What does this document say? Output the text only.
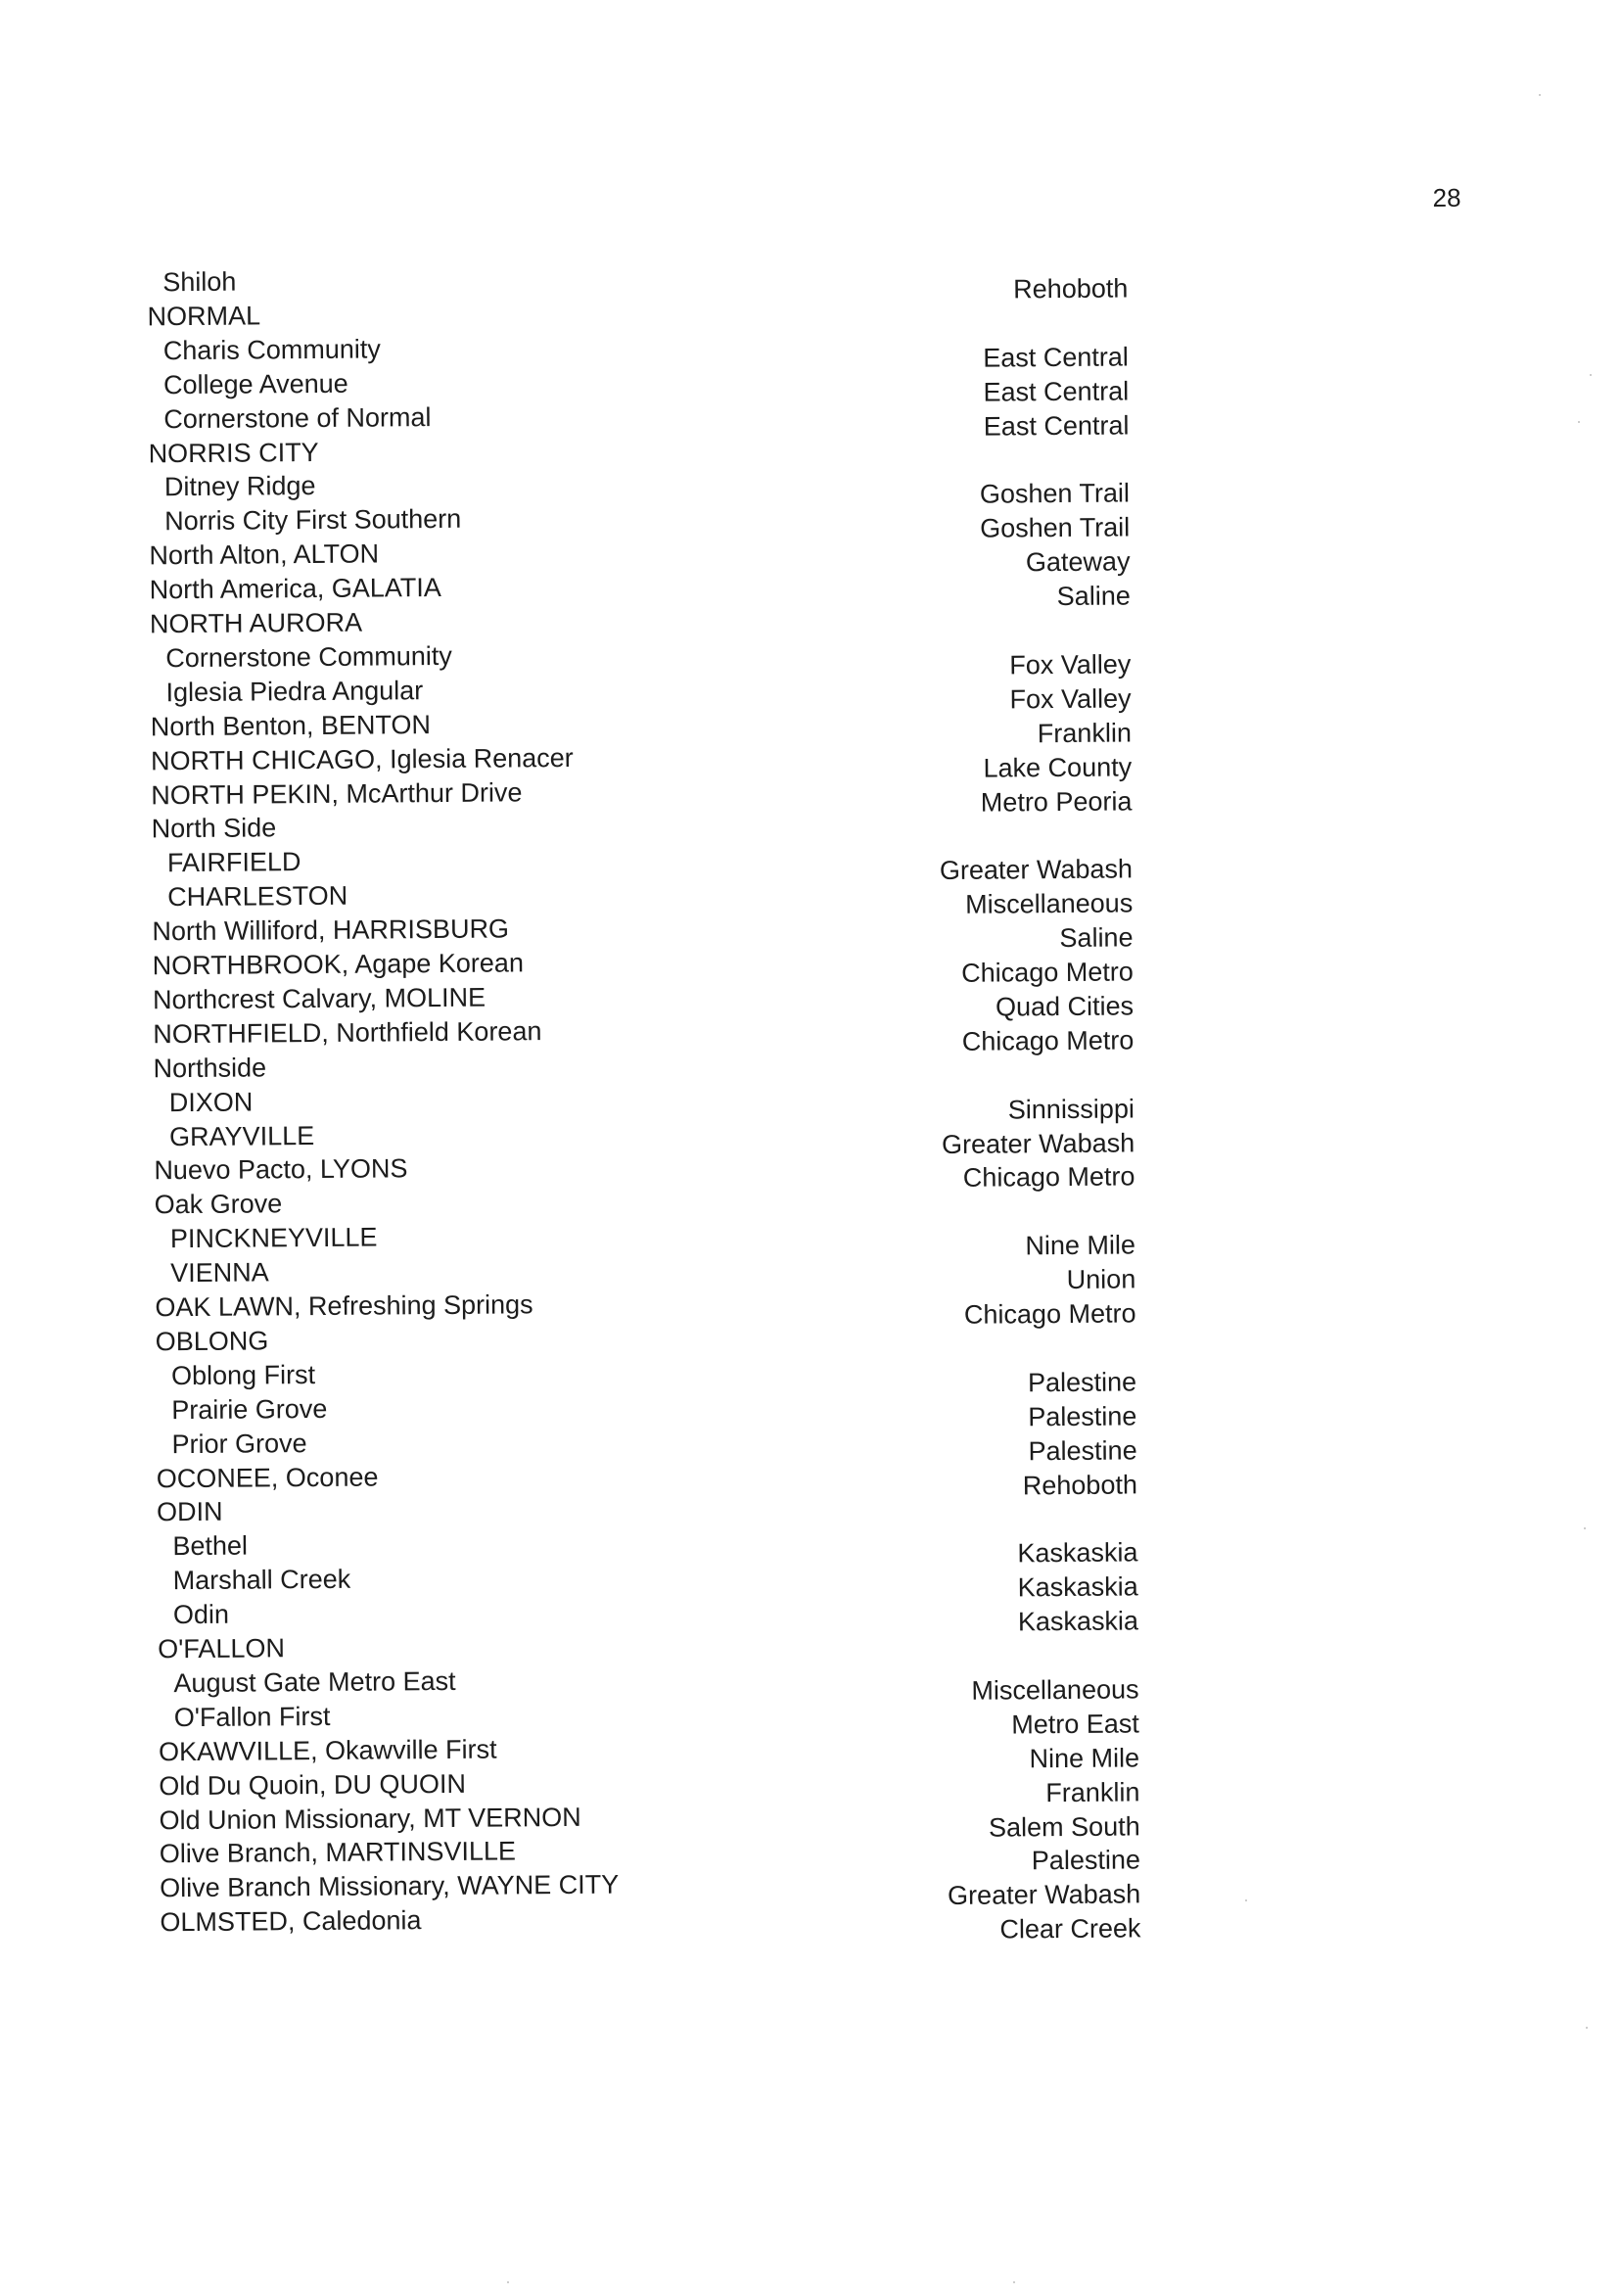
28
Shiloh
NORMAL
Charis Community
College Avenue
Cornerstone of Normal
NORRIS CITY
Ditney Ridge
Norris City First Southern
North Alton, ALTON
North America, GALATIA
NORTH AURORA
Cornerstone Community
Iglesia Piedra Angular
North Benton, BENTON
NORTH CHICAGO, Iglesia Renacer
NORTH PEKIN, McArthur Drive
North Side
FAIRFIELD
CHARLESTON
North Williford, HARRISBURG
NORTHBROOK, Agape Korean
Northcrest Calvary, MOLINE
NORTHFIELD, Northfield Korean
Northside
DIXON
GRAYVILLE
Nuevo Pacto, LYONS
Oak Grove
PINCKNEYVILLE
VIENNA
OAK LAWN, Refreshing Springs
OBLONG
Oblong First
Prairie Grove
Prior Grove
OCONEE, Oconee
ODIN
Bethel
Marshall Creek
Odin
O'FALLON
August Gate Metro East
O'Fallon First
OKAWVILLE, Okawville First
Old Du Quoin, DU QUOIN
Old Union Missionary, MT VERNON
Olive Branch, MARTINSVILLE
Olive Branch Missionary, WAYNE CITY
OLMSTED, Caledonia
Rehoboth
East Central
East Central
East Central
Goshen Trail
Goshen Trail
Gateway
Saline
Fox Valley
Fox Valley
Franklin
Lake County
Metro Peoria
Greater Wabash
Miscellaneous
Saline
Chicago Metro
Quad Cities
Chicago Metro
Sinnissippi
Greater Wabash
Chicago Metro
Nine Mile
Union
Chicago Metro
Palestine
Palestine
Palestine
Rehoboth
Kaskaskia
Kaskaskia
Kaskaskia
Miscellaneous
Metro East
Nine Mile
Franklin
Salem South
Palestine
Greater Wabash
Clear Creek
